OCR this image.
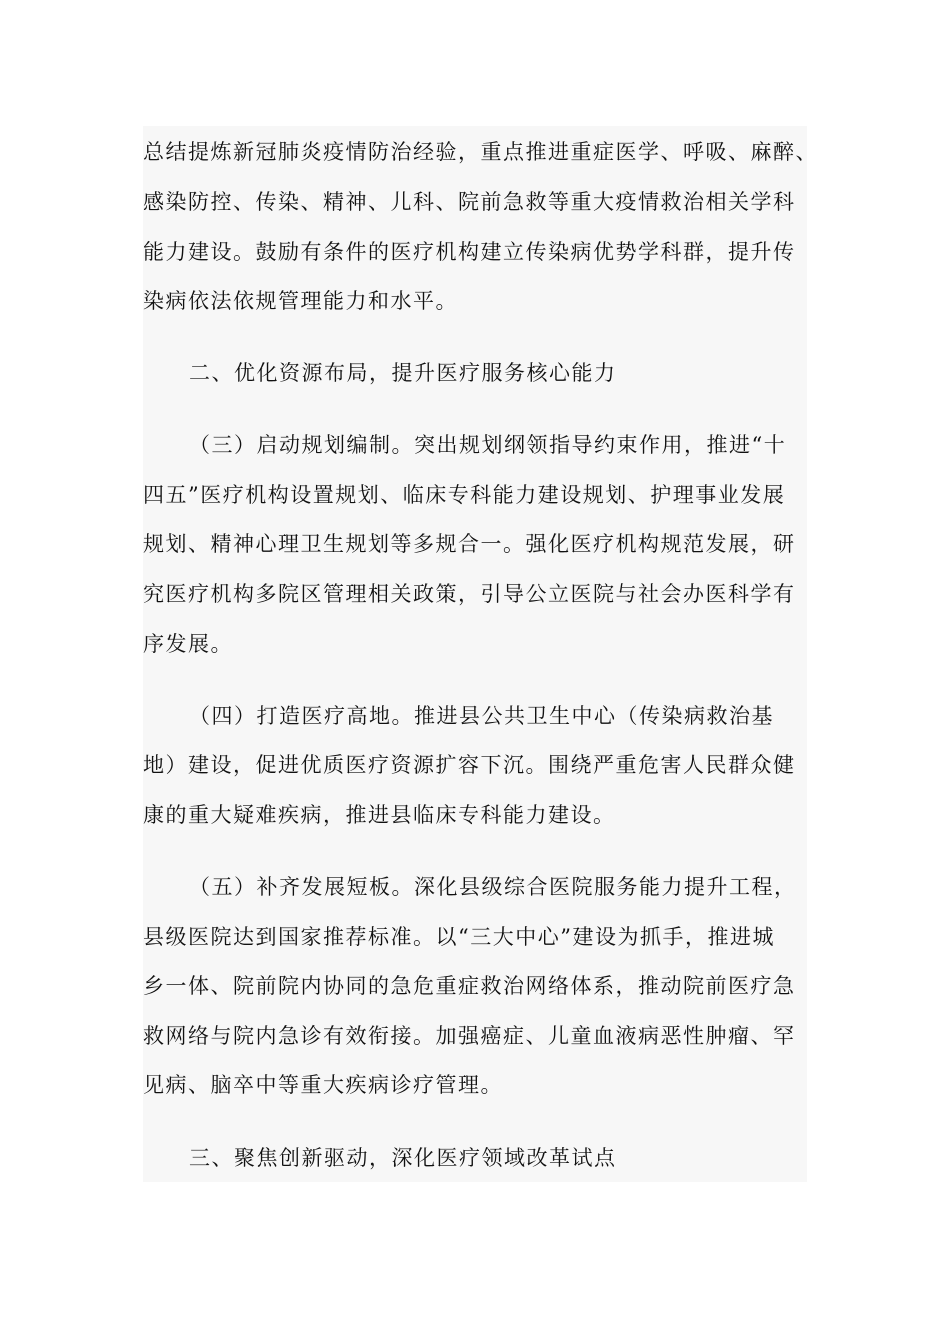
总结提炼新冠肺炎疫情防治经验，重点推进重症医学、呼吸、麻醉、
感染防控、传染、精神、儿科、院前急救等重大疫情救治相关学科
能力建设。鼓励有条件的医疗机构建立传染病优势学科群，提升传
染病依法依规管理能力和水平。
二、优化资源布局，提升医疗服务核心能力
（三）启动规划编制。突出规划纲领指导约束作用，推进“十
四五”医疗机构设置规划、临床专科能力建设规划、护理事业发展
规划、精神心理卫生规划等多规合一。强化医疗机构规范发展，研
究医疗机构多院区管理相关政策，引导公立医院与社会办医科学有
序发展。
（四）打造医疗高地。推进县公共卫生中心（传染病救治基
地）建设，促进优质医疗资源扩容下沉。围绕严重危害人民群众健
康的重大疑难疾病，推进县临床专科能力建设。
（五）补齐发展短板。深化县级综合医院服务能力提升工程，
县级医院达到国家推荐标准。以“三大中心”建设为抓手，推进城
乡一体、院前院内协同的急危重症救治网络体系，推动院前医疗急
救网络与院内急诊有效衔接。加强癌症、儿童血液病恶性肿瘤、罕
见病、脑卒中等重大疾病诊疗管理。
三、聚焦创新驱动，深化医疗领域改革试点
